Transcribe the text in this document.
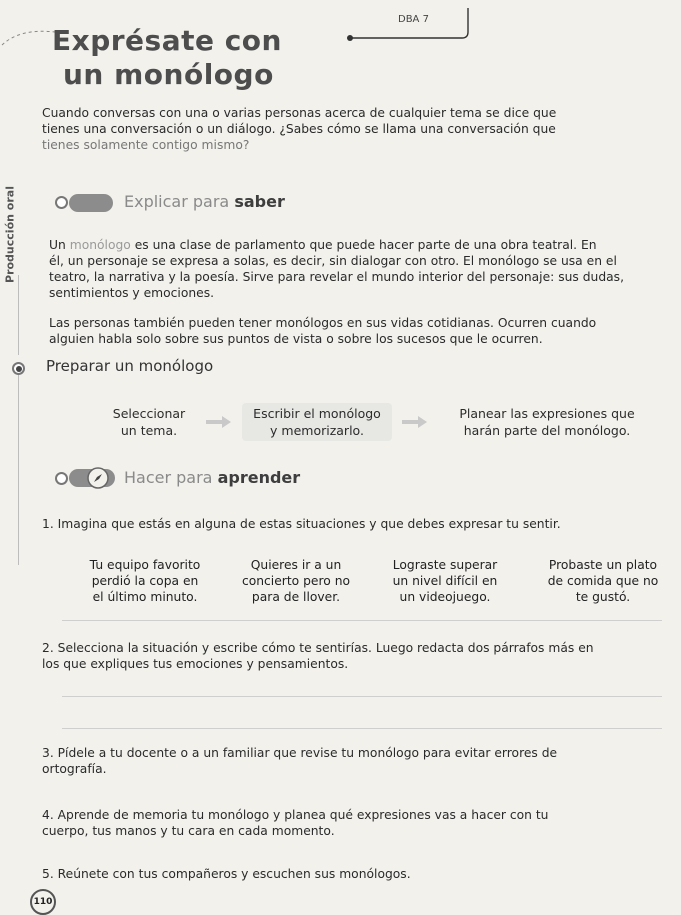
DBA 7
Exprésate con
un monólogo
Cuando conversas con una o varias personas acerca de cualquier tema se dice que
tienes una conversación o un diálogo. ¿Sabes cómo se llama una conversación que
tienes solamente contigo mismo?
Producción oral	Explicar para saber
Un monólogo es una clase de parlamento que puede hacer parte de una obra teatral. En
él, un personaje se expresa a solas, es decir, sin dialogar con otro. El monólogo se usa en el
teatro, la narrativa y la poesía. Sirve para revelar el mundo interior del personaje: sus dudas,
sentimientos y emociones.
Las personas también pueden tener monólogos en sus vidas cotidianas. Ocurren cuando
alguien habla solo sobre sus puntos de vista o sobre los sucesos que le ocurren.
Preparar un monólogo
Seleccionar
un tema.
Escribir el monólogo
y memorizarlo.
Planear las expresiones que
harán parte del monólogo.
Hacer para aprender
1. Imagina que estás en alguna de estas situaciones y que debes expresar tu sentir.
Tu equipo favorito
perdió la copa en
el último minuto.
Quieres ir a un
concierto pero no
para de llover.
Lograste superar
un nivel difícil en
un videojuego.
Probaste un plato
de comida que no
te gustó.
2. Selecciona la situación y escribe cómo te sentirías. Luego redacta dos párrafos más en
los que expliques tus emociones y pensamientos.
3. Pídele a tu docente o a un familiar que revise tu monólogo para evitar errores de
ortografía.
4. Aprende de memoria tu monólogo y planea qué expresiones vas a hacer con tu
cuerpo, tus manos y tu cara en cada momento.
5. Reúnete con tus compañeros y escuchen sus monólogos.
110
